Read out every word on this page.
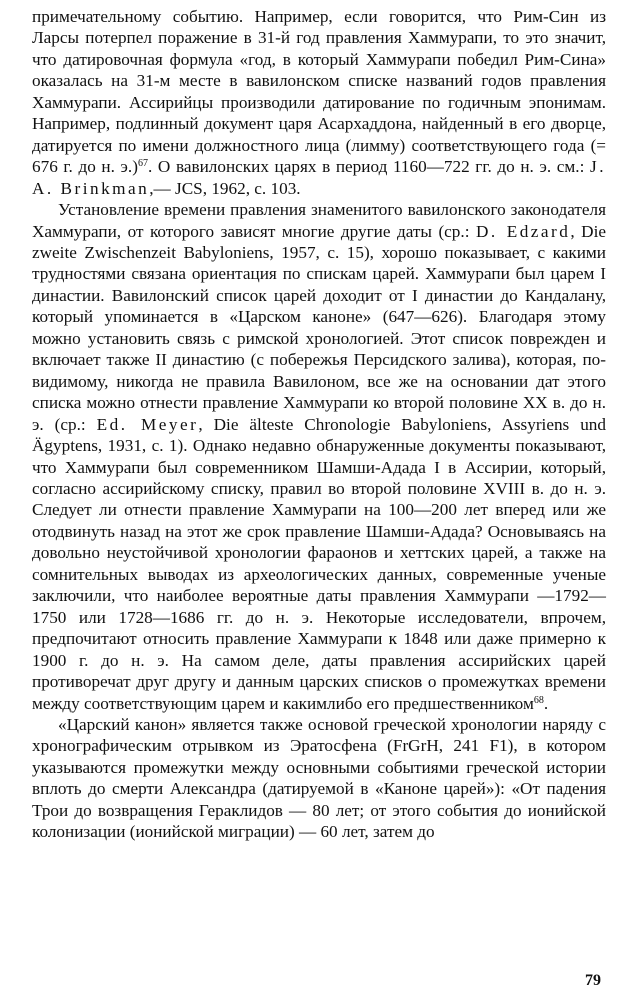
примечательному событию. Например, если говорится, что Рим-Син из Ларсы потерпел поражение в 31-й год правления Хаммурапи, то это значит, что датировочная формула «год, в который Хаммурапи победил Рим-Сина» оказалась на 31-м месте в вавилонском списке названий годов правления Хаммурапи. Ассирийцы производили датирование по годичным эпонимам. Например, подлинный документ царя Асархаддона, найденный в его дворце, датируется по имени должностного лица (лимму) соответствующего года (= 676 г. до н. э.)$^{67}$. О вавилонских царях в период 1160—722 гг. до н. э. см.: J. A. Brinkman,— JCS, 1962, с. 103.

Установление времени правления знаменитого вавилонского законодателя Хаммурапи, от которого зависят многие другие даты (ср.: D. Edzard, Die zweite Zwischenzeit Babyloniens, 1957, с. 15), хорошо показывает, с какими трудностями связана ориентация по спискам царей. Хаммурапи был царем I династии. Вавилонский список царей доходит от I династии до Кандалану, который упоминается в «Царском каноне» (647—626). Благодаря этому можно установить связь с римской хронологией. Этот список поврежден и включает также II династию (с побережья Персидского залива), которая, по-видимому, никогда не правила Вавилоном, все же на основании дат этого списка можно отнести правление Хаммурапи ко второй половине XX в. до н. э. (ср.: Ed. Meyer, Die älteste Chronologie Babyloniens, Assyriens und Ägyptens, 1931, с. 1). Однако недавно обнаруженные документы показывают, что Хаммурапи был современником Шамши-Адада I в Ассирии, который, согласно ассирийскому списку, правил во второй половине XVIII в. до н. э. Следует ли отнести правление Хаммурапи на 100—200 лет вперед или же отодвинуть назад на этот же срок правление Шамши-Адада? Основываясь на довольно неустойчивой хронологии фараонов и хеттских царей, а также на сомнительных выводах из археологических данных, современные ученые заключили, что наиболее вероятные даты правления Хаммурапи —1792—1750 или 1728—1686 гг. до н. э. Некоторые исследователи, впрочем, предпочитают относить правление Хаммурапи к 1848 или даже примерно к 1900 г. до н. э. На самом деле, даты правления ассирийских царей противоречат друг другу и данным царских списков о промежутках времени между соответствующим царем и какимлибо его предшественником$^{68}$.

«Царский канон» является также основой греческой хронологии наряду с хронографическим отрывком из Эратосфена (FrGrH, 241 F1), в котором указываются промежутки между основными событиями греческой истории вплоть до смерти Александра (датируемой в «Каноне царей»): «От падения Трои до возвращения Гераклидов — 80 лет; от этого события до ионийской колонизации (ионийской миграции) — 60 лет, затем до

79
